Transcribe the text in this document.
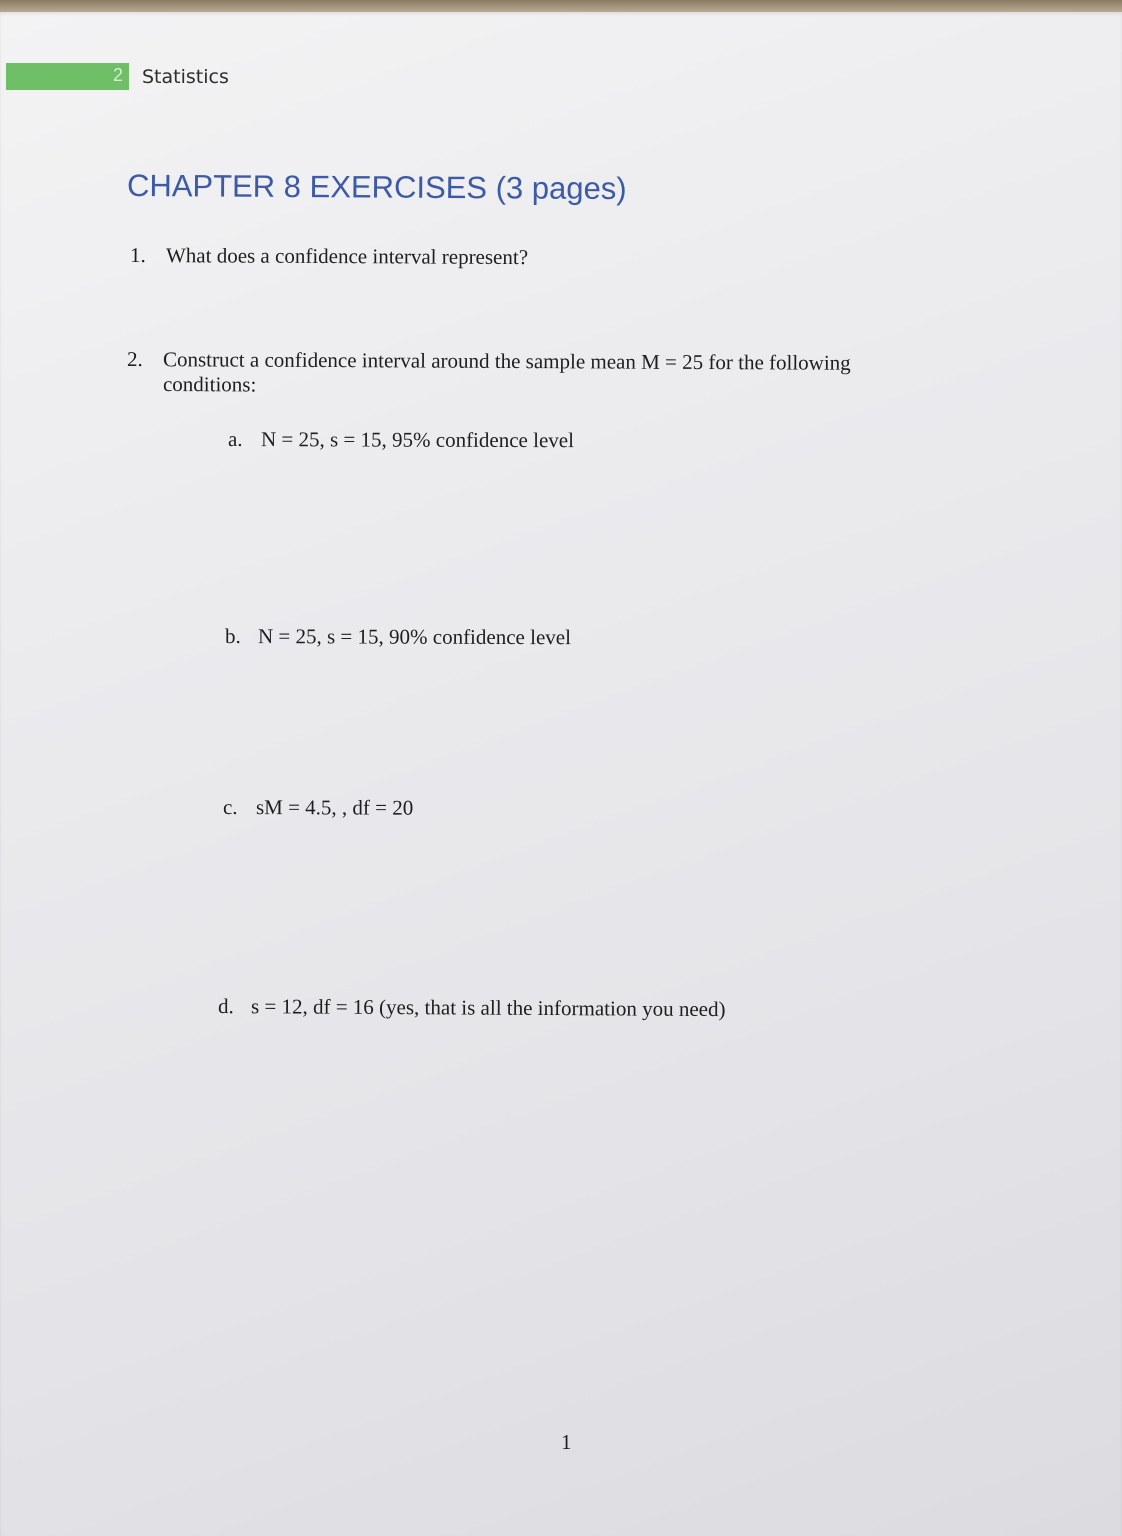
2 Statistics
CHAPTER 8 EXERCISES (3 pages)
1. What does a confidence interval represent?
2. Construct a confidence interval around the sample mean M = 25 for the following
conditions:
a. N = 25, s = 15, 95% confidence level
b. N = 25, s = 15, 90% confidence level
c. sM = 4.5, , df = 20
d. s = 12, df = 16 (yes, that is all the information you need)
1
